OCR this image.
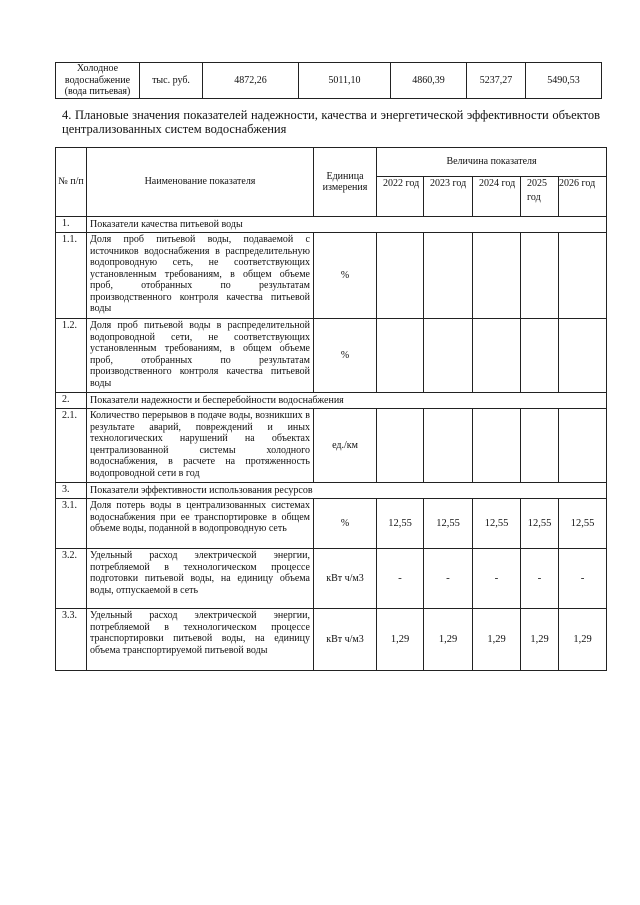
Холодное водоснабжение (вода питьевая)	тыс. руб.	4872,26	5011,10	4860,39	5237,27	5490,53
4. Плановые значения показателей надежности, качества и энергетической эффективности объектов централизованных систем водоснабжения
№ п/п	Наименование показателя	Единица измерения	Величина показателя				
			2022 год	2023 год	2024 год	2025 год	2026 год
1.	Показатели качества питьевой воды						
1.1.	Доля проб питьевой воды, подаваемой с источников водоснабжения в распределительную водопроводную сеть, не соответствующих установленным требованиям, в общем объеме проб, отобранных по результатам производственного контроля качества питьевой воды	%					
1.2.	Доля проб питьевой воды в распределительной водопроводной сети, не соответствующих установленным требованиям, в общем объеме проб, отобранных по результатам производственного контроля качества питьевой воды	%					
2.	Показатели надежности и бесперебойности водоснабжения						
2.1.	Количество перерывов в подаче воды, возникших в результате аварий, повреждений и иных технологических нарушений на объектах централизованной системы холодного водоснабжения, в расчете на протяженность водопроводной сети в год	ед./км					
3.	Показатели эффективности использования ресурсов						
3.1.	Доля потерь воды в централизованных системах водоснабжения при ее транспортировке в общем объеме воды, поданной в водопроводную сеть	%	12,55	12,55	12,55	12,55	12,55
3.2.	Удельный расход электрической энергии, потребляемой в технологическом процессе подготовки питьевой воды, на единицу объема воды, отпускаемой в сеть	кВт ч/м3	-	-	-	-	-
3.3.	Удельный расход электрической энергии, потребляемой в технологическом процессе транспортировки питьевой воды, на единицу объема транспортируемой питьевой воды	кВт ч/м3	1,29	1,29	1,29	1,29	1,29
